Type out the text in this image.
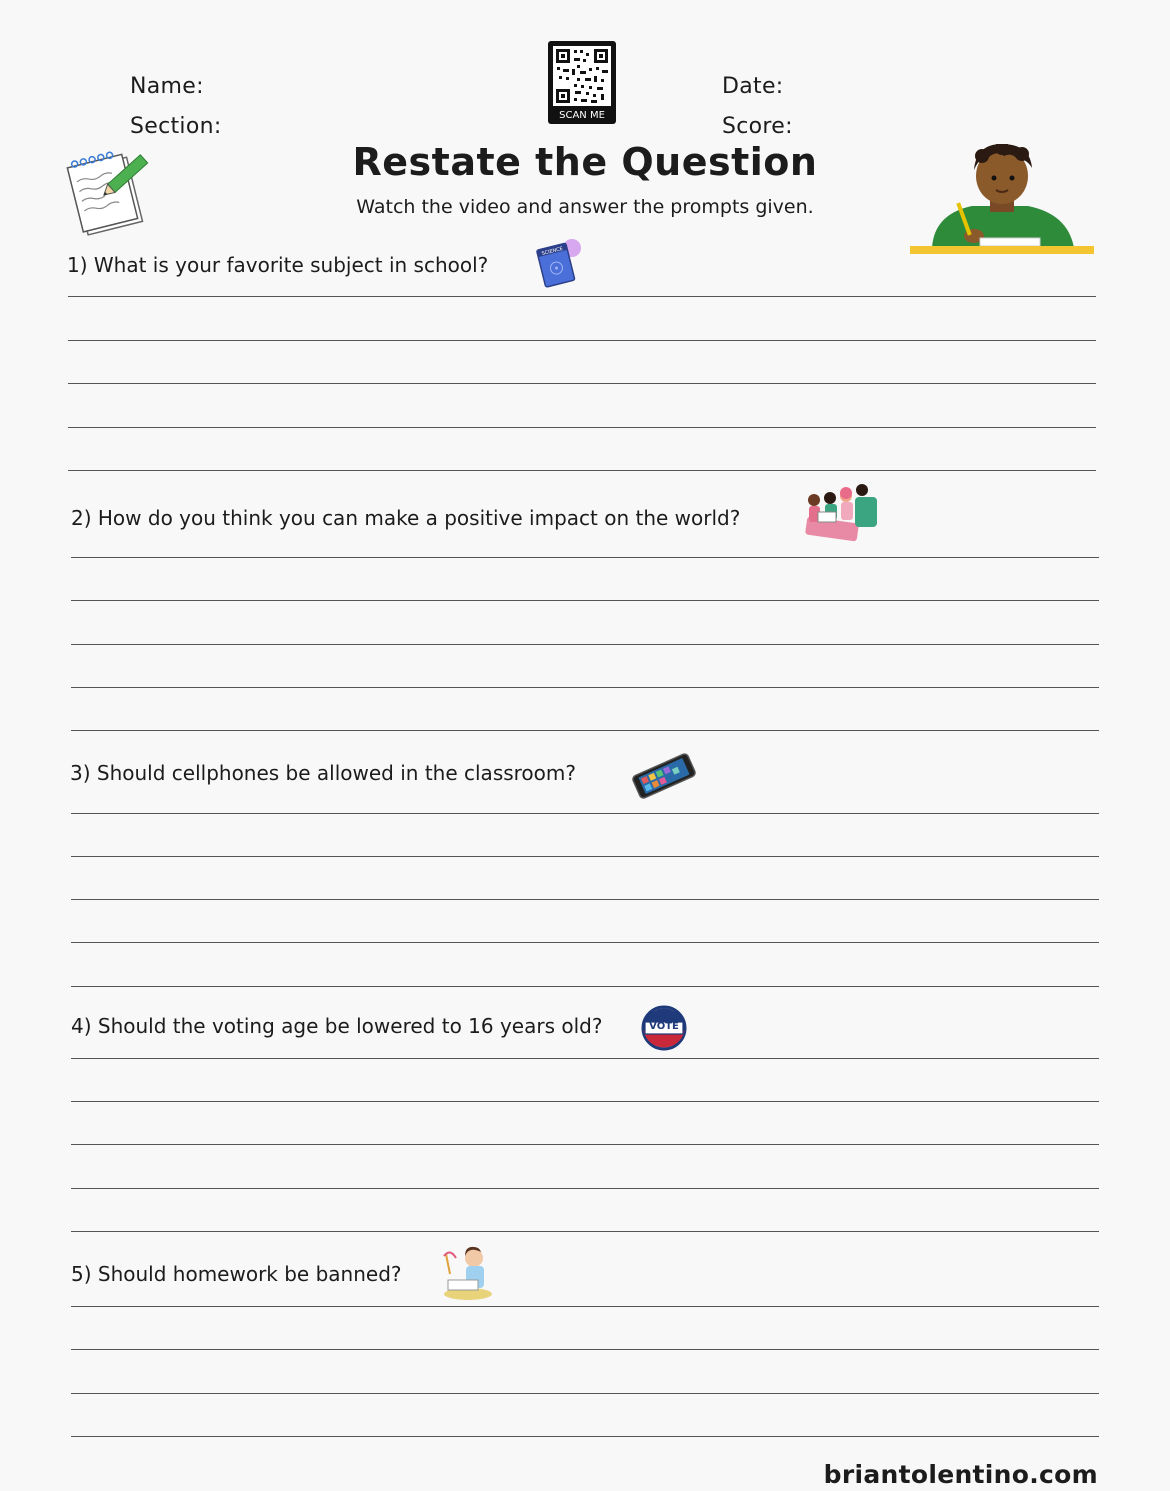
Name:
Section:
Date:
Score:
SCAN ME
Restate the Question
Watch the video and answer the prompts given.
1) What is your favorite subject in school?
SCIENCE
2) How do you think you can make a positive impact on the world?
3) Should cellphones be allowed in the classroom?
4) Should the voting age be lowered to 16 years old?	VOTE
5) Should homework be banned?
briantolentino.com
